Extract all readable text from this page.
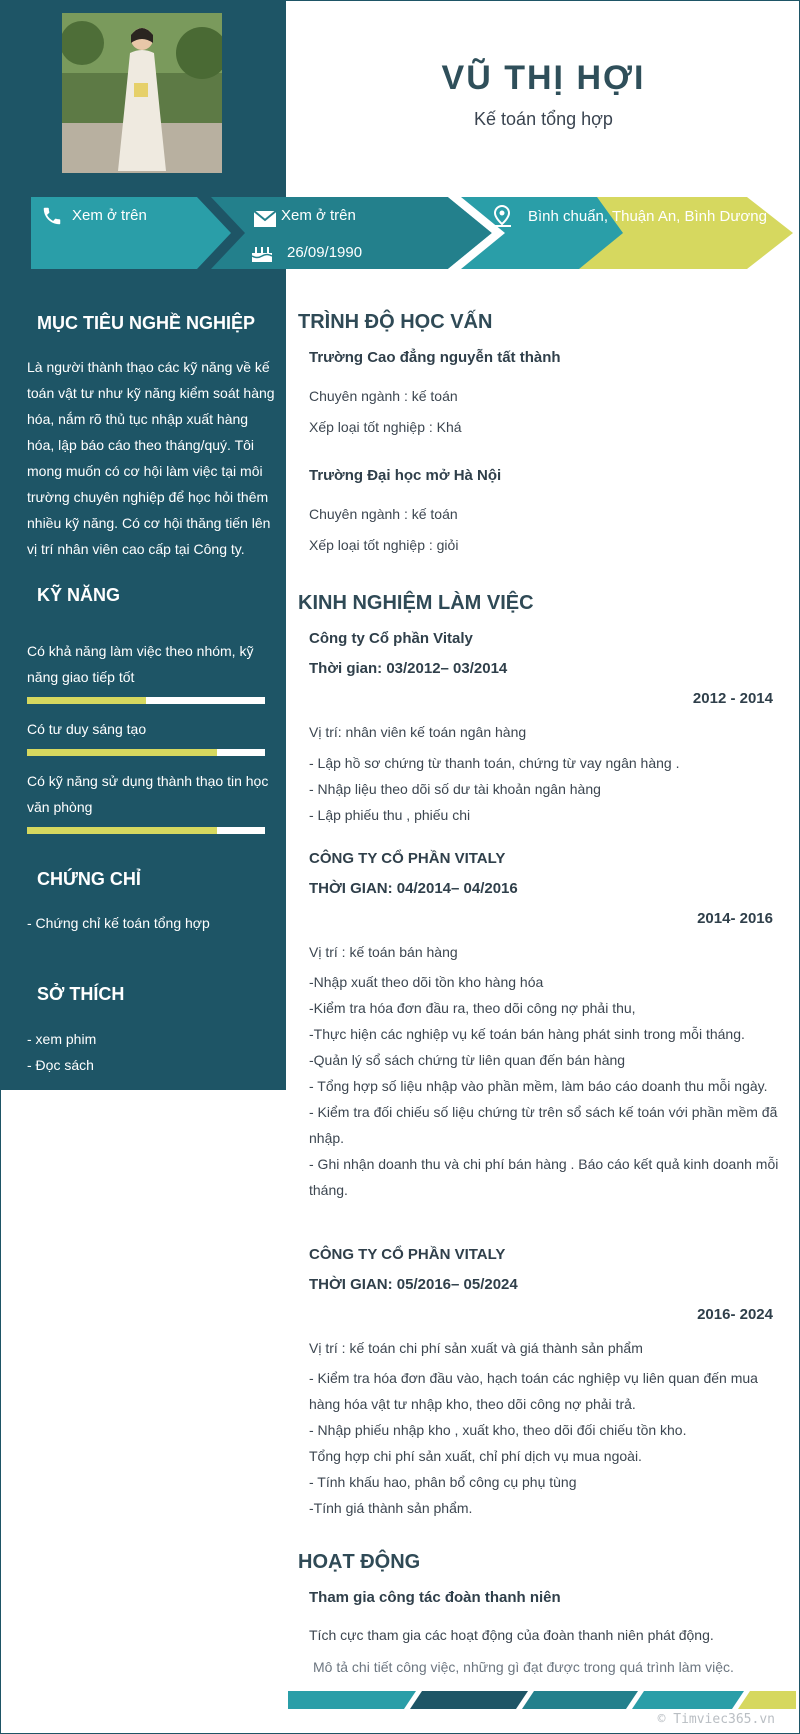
VŨ THỊ HỢI
Kế toán tổng hợp
Xem ở trên	Xem ở trên
26/09/1990
Bình chuẩn, Thuận An, Bình Dương
MỤC TIÊU NGHỀ NGHIỆP
Là người thành thạo các kỹ năng về kế toán vật tư như kỹ năng kiểm soát hàng hóa, nắm rõ thủ tục nhập xuất hàng hóa, lập báo cáo theo tháng/quý. Tôi mong muốn có cơ hội làm việc tại môi trường chuyên nghiệp để học hỏi thêm nhiều kỹ năng. Có cơ hội thăng tiến lên vị trí nhân viên cao cấp tại Công ty.
KỸ NĂNG
Có khả năng làm việc theo nhóm, kỹ năng giao tiếp tốt
Có tư duy sáng tạo
Có kỹ năng sử dụng thành thạo tin học văn phòng
CHỨNG CHỈ
- Chứng chỉ kế toán tổng hợp
SỞ THÍCH
- xem phim
- Đọc sách
TRÌNH ĐỘ HỌC VẤN
Trường Cao đẳng nguyễn tất thành
Chuyên ngành : kế toán
Xếp loại tốt nghiệp : Khá
Trường Đại học mở Hà Nội
Chuyên ngành : kế toán
Xếp loại tốt nghiệp : giỏi
KINH NGHIỆM LÀM VIỆC
Công ty Cổ phần Vitaly
Thời gian: 03/2012– 03/2014
2012 - 2014
Vị trí: nhân viên kế toán ngân hàng
- Lập hồ sơ chứng từ thanh toán, chứng từ vay ngân hàng .
- Nhập liệu theo dõi số dư tài khoản ngân hàng
- Lập phiếu thu , phiếu chi
CÔNG TY CỔ PHẦN VITALY
THỜI GIAN: 04/2014– 04/2016
2014- 2016
Vị trí : kế toán bán hàng
-Nhập xuất theo dõi tồn kho hàng hóa
-Kiểm tra hóa đơn đầu ra, theo dõi công nợ phải thu,
-Thực hiện các nghiệp vụ kế toán bán hàng phát sinh trong mỗi tháng.
-Quản lý sổ sách chứng từ liên quan đến bán hàng
- Tổng hợp số liệu nhập vào phần mềm, làm báo cáo doanh thu mỗi ngày.
- Kiểm tra đối chiếu số liệu chứng từ trên sổ sách kế toán với phần mềm đã nhập.
- Ghi nhận doanh thu và chi phí bán hàng . Báo cáo kết quả kinh doanh mỗi tháng.
CÔNG TY CỔ PHẦN VITALY
THỜI GIAN: 05/2016– 05/2024
2016- 2024
Vị trí : kế toán chi phí sản xuất và giá thành sản phẩm
- Kiểm tra hóa đơn đầu vào, hạch toán các nghiệp vụ liên quan đến mua hàng hóa vật tư nhập kho, theo dõi công nợ phải trả.
- Nhập phiếu nhập kho , xuất kho, theo dõi đối chiếu tồn kho.
Tổng hợp chi phí sản xuất, chỉ phí dịch vụ mua ngoài.
- Tính khấu hao, phân bổ công cụ phụ tùng
-Tính giá thành sản phẩm.
HOẠT ĐỘNG
Tham gia công tác đoàn thanh niên
Tích cực tham gia các hoạt động của đoàn thanh niên phát động.
Mô tả chi tiết công việc, những gì đạt được trong quá trình làm việc.
© Timviec365.vn
